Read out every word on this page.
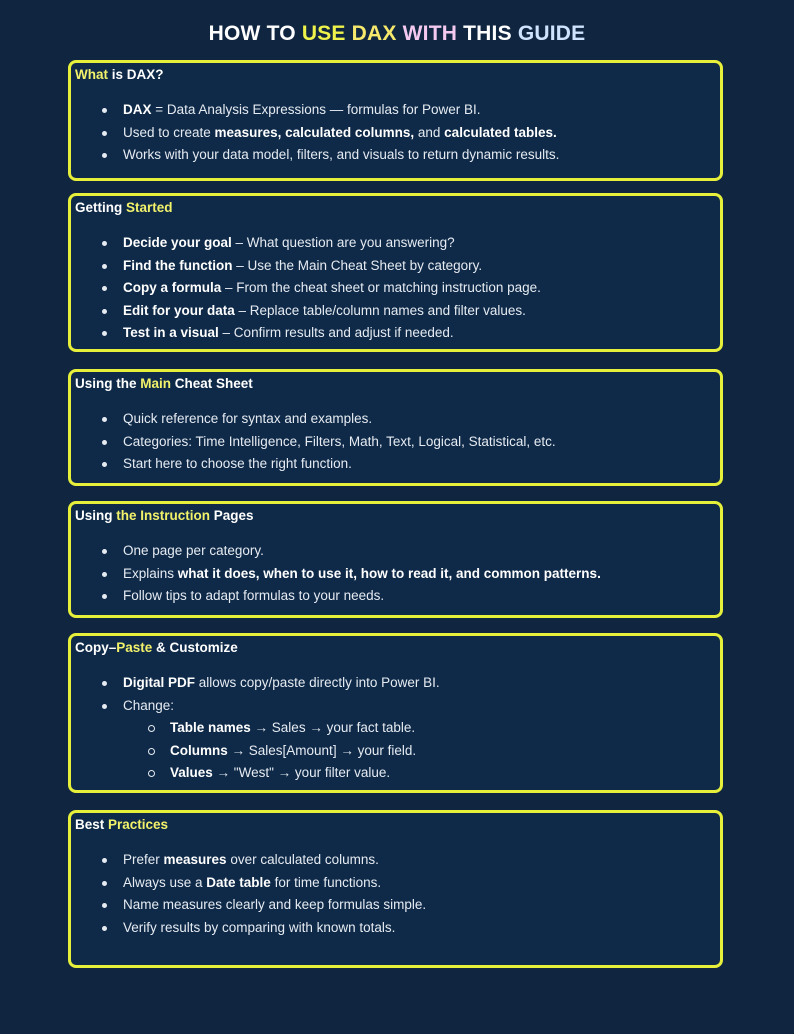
HOW TO USE DAX WITH THIS GUIDE
What is DAX?
DAX = Data Analysis Expressions — formulas for Power BI.
Used to create measures, calculated columns, and calculated tables.
Works with your data model, filters, and visuals to return dynamic results.
Getting Started
Decide your goal – What question are you answering?
Find the function – Use the Main Cheat Sheet by category.
Copy a formula – From the cheat sheet or matching instruction page.
Edit for your data – Replace table/column names and filter values.
Test in a visual – Confirm results and adjust if needed.
Using the Main Cheat Sheet
Quick reference for syntax and examples.
Categories: Time Intelligence, Filters, Math, Text, Logical, Statistical, etc.
Start here to choose the right function.
Using the Instruction Pages
One page per category.
Explains what it does, when to use it, how to read it, and common patterns.
Follow tips to adapt formulas to your needs.
Copy–Paste & Customize
Digital PDF allows copy/paste directly into Power BI.
Change:
Table names → Sales → your fact table.
Columns → Sales[Amount] → your field.
Values → "West" → your filter value.
Best Practices
Prefer measures over calculated columns.
Always use a Date table for time functions.
Name measures clearly and keep formulas simple.
Verify results by comparing with known totals.
